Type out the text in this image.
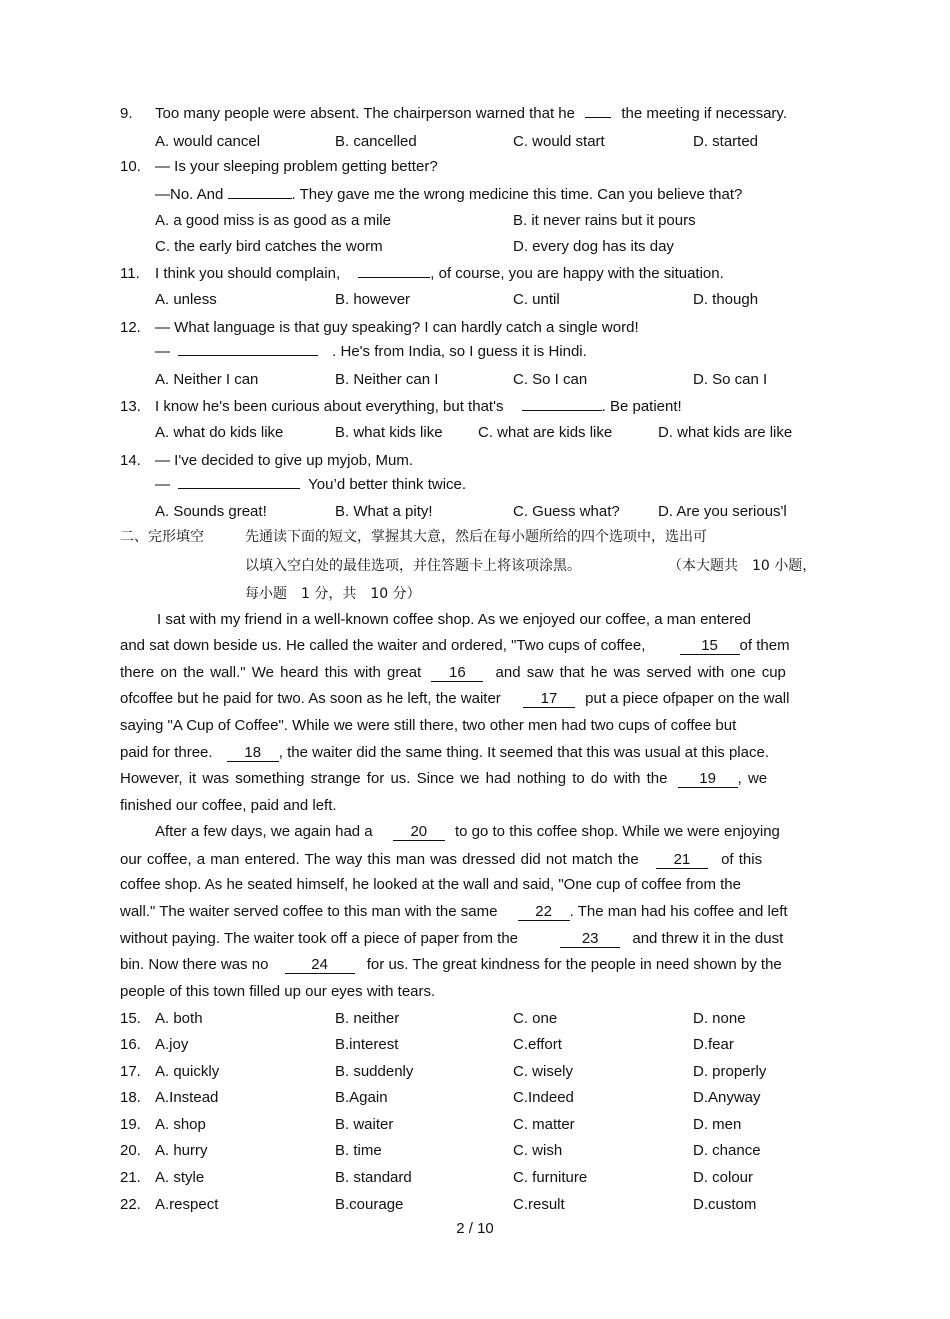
9. Too many people were absent. The chairperson warned that he	the meeting if necessary.
A. would cancel	B. cancelled	C. would start	D. started
10. — Is your sleeping problem getting better?
—No. And	. They gave me the wrong medicine this time. Can you believe that?
A. a good miss is as good as a mile	B. it never rains but it pours
C. the early bird catches the worm	D. every dog has its day
11. I think you should complain,	, of course, you are happy with the situation.
A. unless	B. however	C. until	D. though
12. — What language is that guy speaking? I can hardly catch a single word!
—	. He's from India, so I guess it is Hindi.
A. Neither I can	B. Neither can I	C. So I can	D. So can I
13. I know he's been curious about everything, but that's	. Be patient!
A. what do kids like	B. what kids like C. what are kids like	D. what kids are like
14. — I've decided to give up myjob, Mum.
—	You’d better think twice.
A. Sounds great!	B. What a pity!	C. Guess what?	D. Are you serious'l
二、完形填空	先通读下面的短文，掌握其大意，然后在每小题所给的四个选项中，选出可
以填入空白处的最佳选项，并住答题卡上将该项涂黑。	（本大题共　10 小题，
每小题　1 分，共　10 分）
I sat with my friend in a well-known coffee shop. As we enjoyed our coffee, a man entered
and sat down beside us. He called the waiter and ordered, "Two cups of coffee,	15 of them
there on the wall." We heard this with great 16 and saw that he was served with one cup
ofcoffee but he paid for two. As soon as he left, the waiter	17 put a piece ofpaper on the wall
saying "A Cup of Coffee". While we were still there, two other men had two cups of coffee but
paid for three. 18 , the waiter did the same thing. It seemed that this was usual at this place.
However, it was something strange for us. Since we had nothing to do with the 19 , we
finished our coffee, paid and left.
After a few days, we again had a	20 to go to this coffee shop. While we were enjoying
our coffee, a man entered. The way this man was dressed did not match the 21 of this
coffee shop. As he seated himself, he looked at the wall and said, "One cup of coffee from the
wall." The waiter served coffee to this man with the same	22 . The man had his coffee and left
without paying. The waiter took off a piece of paper from the	23 and threw it in the dust
bin. Now there was no	24	for us. The great kindness for the people in need shown by the
people of this town filled up our eyes with tears.
15. A. both	B. neither	C. one	D. none
16. A.joy	B.interest	C.effort	D.fear
17. A. quickly	B. suddenly	C. wisely	D. properly
18. A.Instead	B.Again	C.Indeed	D.Anyway
19. A. shop	B. waiter	C. matter	D. men
20. A. hurry	B. time	C. wish	D. chance
21. A. style	B. standard	C. furniture	D. colour
22. A.respect	B.courage	C.result	D.custom
2 / 10
